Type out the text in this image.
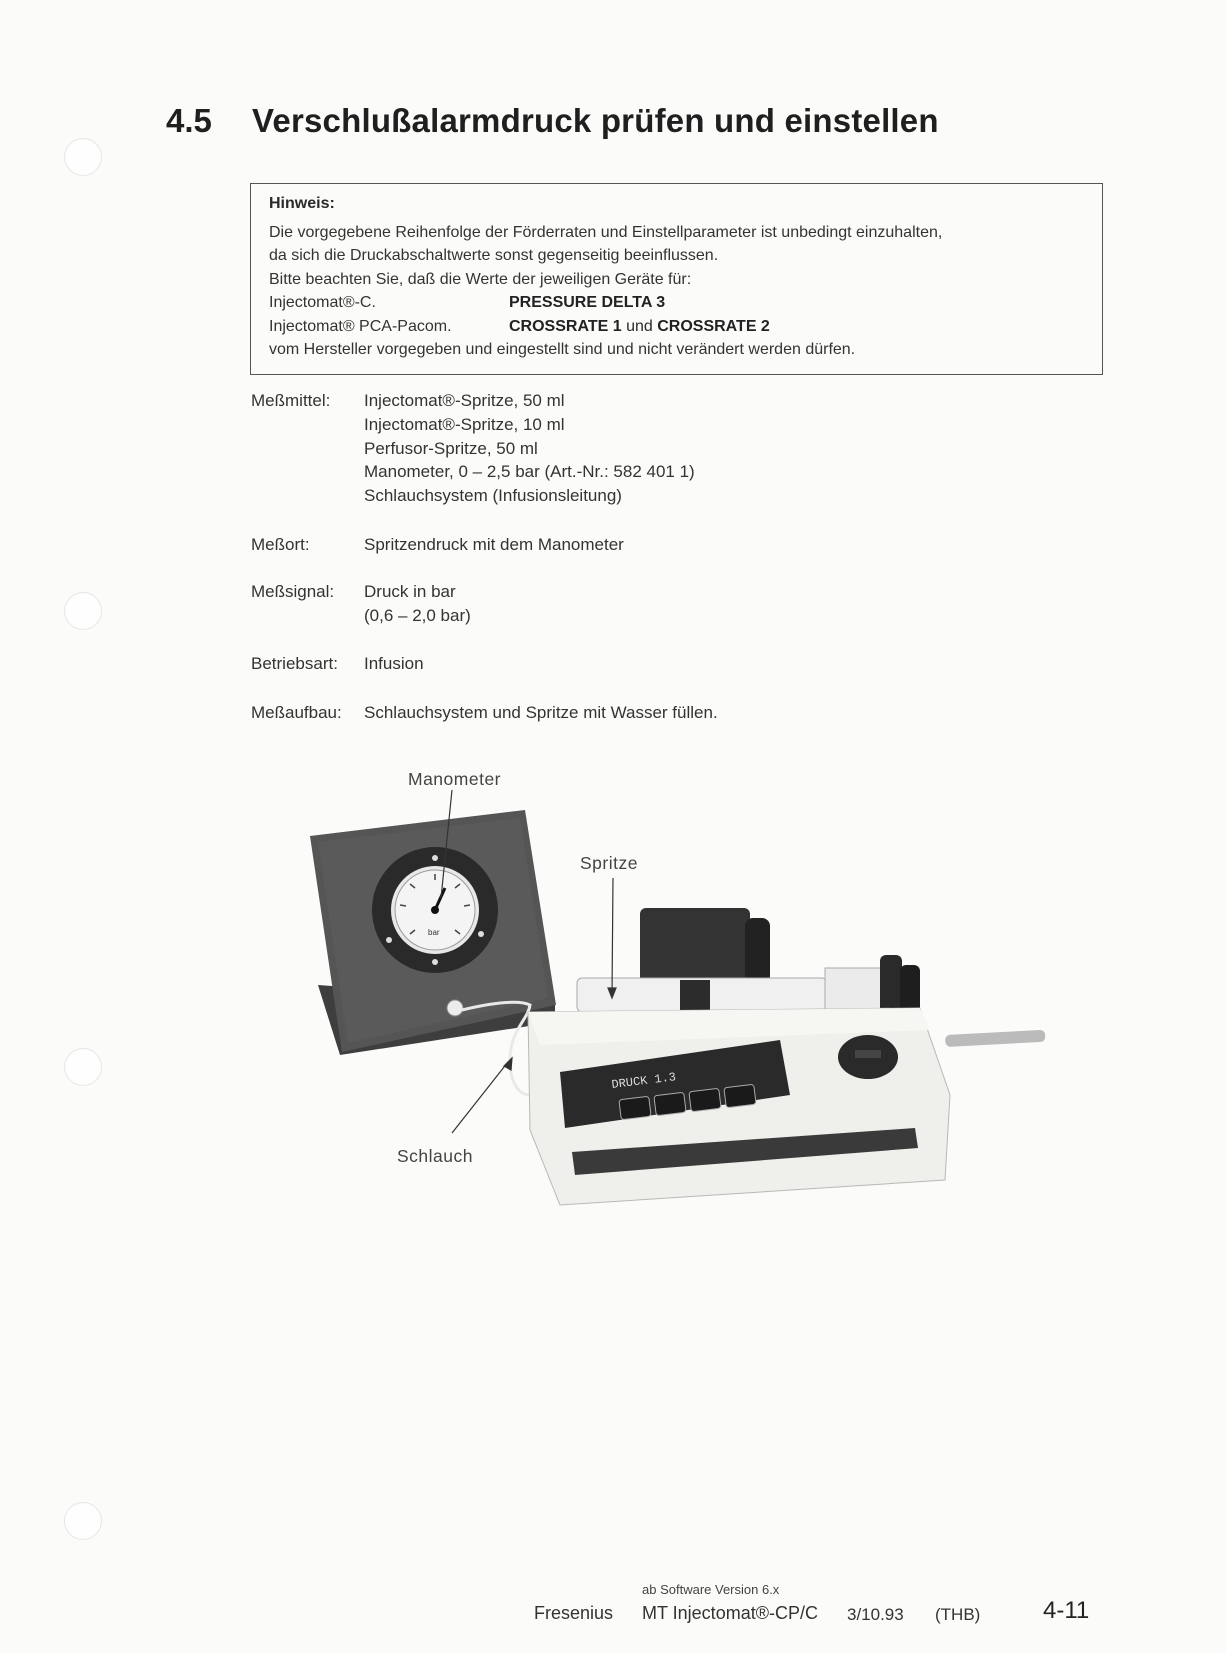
4.5 Verschlußalarmdruck prüfen und einstellen
Hinweis:
Die vorgegebene Reihenfolge der Förderraten und Einstellparameter ist unbedingt einzuhalten,
da sich die Druckabschaltwerte sonst gegenseitig beeinflussen.
Bitte beachten Sie, daß die Werte der jeweiligen Geräte für:
Injectomat®-C.	PRESSURE DELTA 3
Injectomat® PCA-Pacom.	CROSSRATE 1 und CROSSRATE 2
vom Hersteller vorgegeben und eingestellt sind und nicht verändert werden dürfen.
Meßmittel: Injectomat®-Spritze, 50 ml
Injectomat®-Spritze, 10 ml
Perfusor-Spritze, 50 ml
Manometer, 0 – 2,5 bar (Art.-Nr.: 582 401 1)
Schlauchsystem (Infusionsleitung)
Meßort:	Spritzendruck mit dem Manometer
Meßsignal: Druck in bar
(0,6 – 2,0 bar)
Betriebsart: Infusion
Meßaufbau: Schlauchsystem und Spritze mit Wasser füllen.
bar
DRUCK 1.3
Manometer
Spritze
Schlauch
ab Software Version 6.x
Fresenius MT Injectomat®-CP/C 3/10.93 (THB)	4-11
